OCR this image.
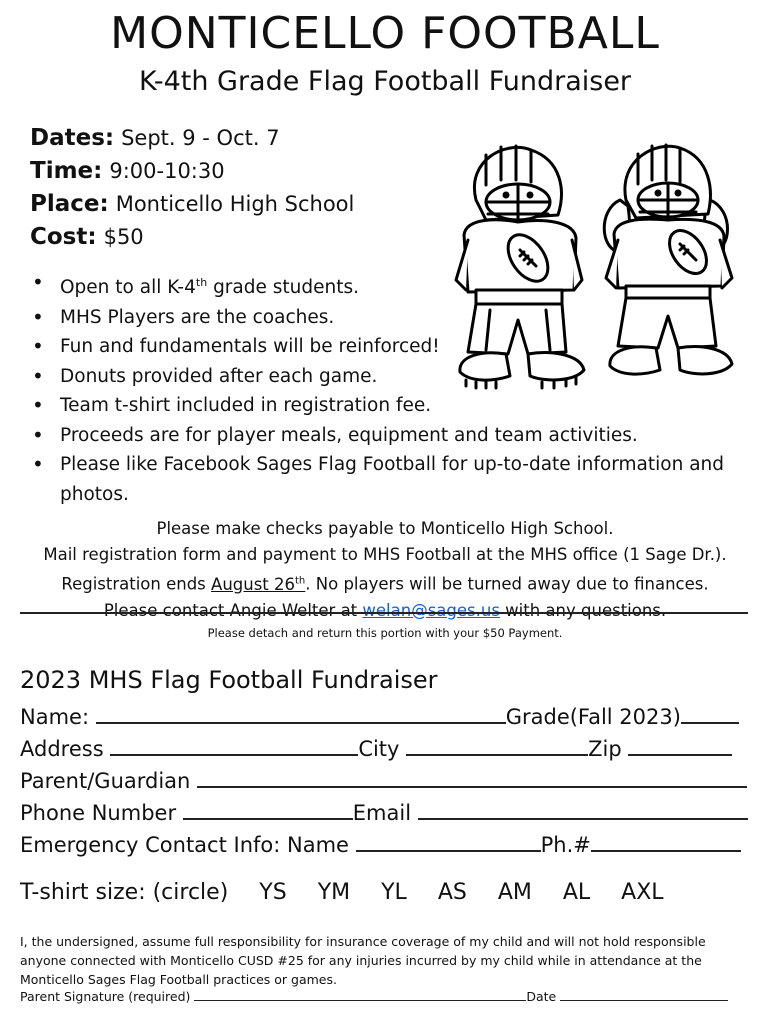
MONTICELLO FOOTBALL
K-4th Grade Flag Football Fundraiser
Dates: Sept. 9 - Oct. 7
Time: 9:00-10:30
Place: Monticello High School
Cost: $50
• Open to all K-4th grade students.
• MHS Players are the coaches.
• Fun and fundamentals will be reinforced!
• Donuts provided after each game.
• Team t-shirt included in registration fee.
• Proceeds are for player meals, equipment and team activities.
• Please like Facebook Sages Flag Football for up-to-date information and photos.
Please make checks payable to Monticello High School.
Mail registration form and payment to MHS Football at the MHS office (1 Sage Dr.).
Registration ends August 26th. No players will be turned away due to finances.
Please contact Angie Welter at welan@sages.us with any questions.
Please detach and return this portion with your $50 Payment.
2023 MHS Flag Football Fundraiser
Name:	Grade(Fall 2023)
Address	City	Zip
Parent/Guardian
Phone Number	Email
Emergency Contact Info: Name	Ph.#
T-shirt size: (circle) YS YM YL AS AM AL AXL
I, the undersigned, assume full responsibility for insurance coverage of my child and will not hold responsible anyone connected with Monticello CUSD #25 for any injuries incurred by my child while in attendance at the Monticello Sages Flag Football practices or games.
Parent Signature (required)	Date
